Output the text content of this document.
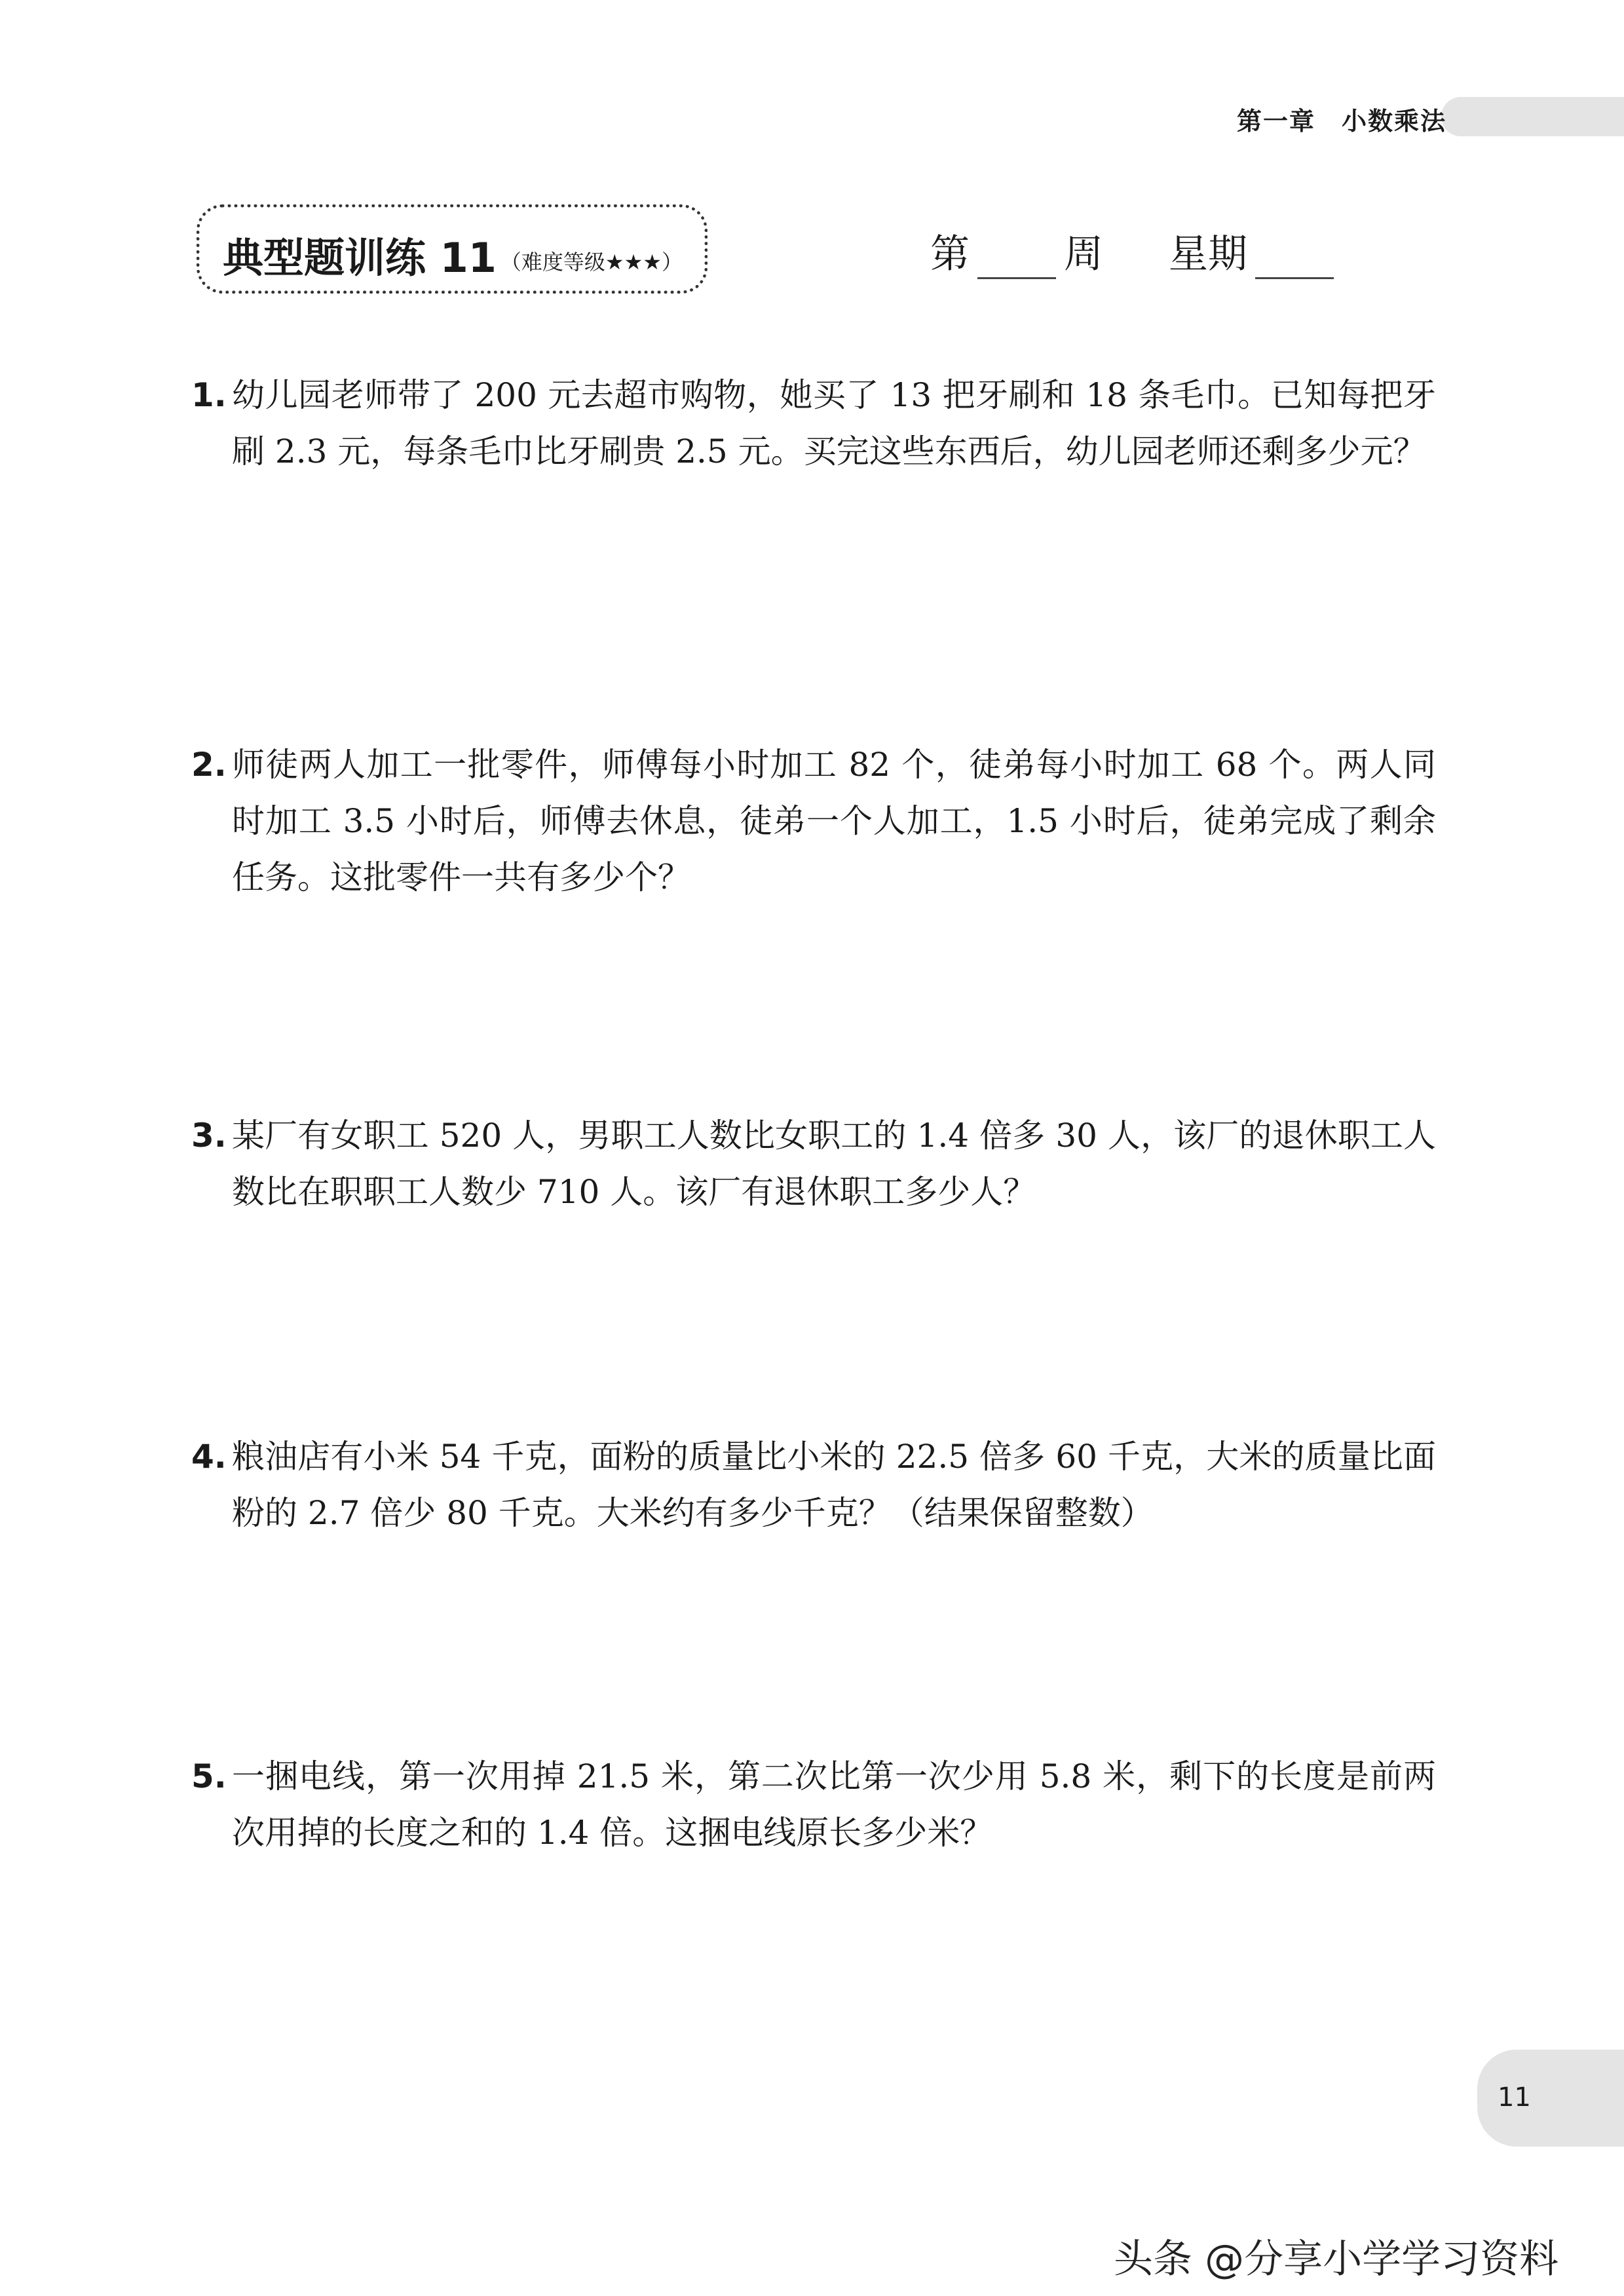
第一章　小数乘法
典型题训练 11 （难度等级★★★）	第 周 星期
1. 幼儿园老师带了 200 元去超市购物，她买了 13 把牙刷和 18 条毛巾。已知每把牙刷 2.3 元，每条毛巾比牙刷贵 2.5 元。买完这些东西后，幼儿园老师还剩多少元？
2. 师徒两人加工一批零件，师傅每小时加工 82 个，徒弟每小时加工 68 个。两人同时加工 3.5 小时后，师傅去休息，徒弟一个人加工，1.5 小时后，徒弟完成了剩余任务。这批零件一共有多少个？
3. 某厂有女职工 520 人，男职工人数比女职工的 1.4 倍多 30 人，该厂的退休职工人数比在职职工人数少 710 人。该厂有退休职工多少人？
4. 粮油店有小米 54 千克，面粉的质量比小米的 22.5 倍多 60 千克，大米的质量比面粉的 2.7 倍少 80 千克。大米约有多少千克？（结果保留整数）
5. 一捆电线，第一次用掉 21.5 米，第二次比第一次少用 5.8 米，剩下的长度是前两次用掉的长度之和的 1.4 倍。这捆电线原长多少米？
11
头条 @分享小学学习资料
